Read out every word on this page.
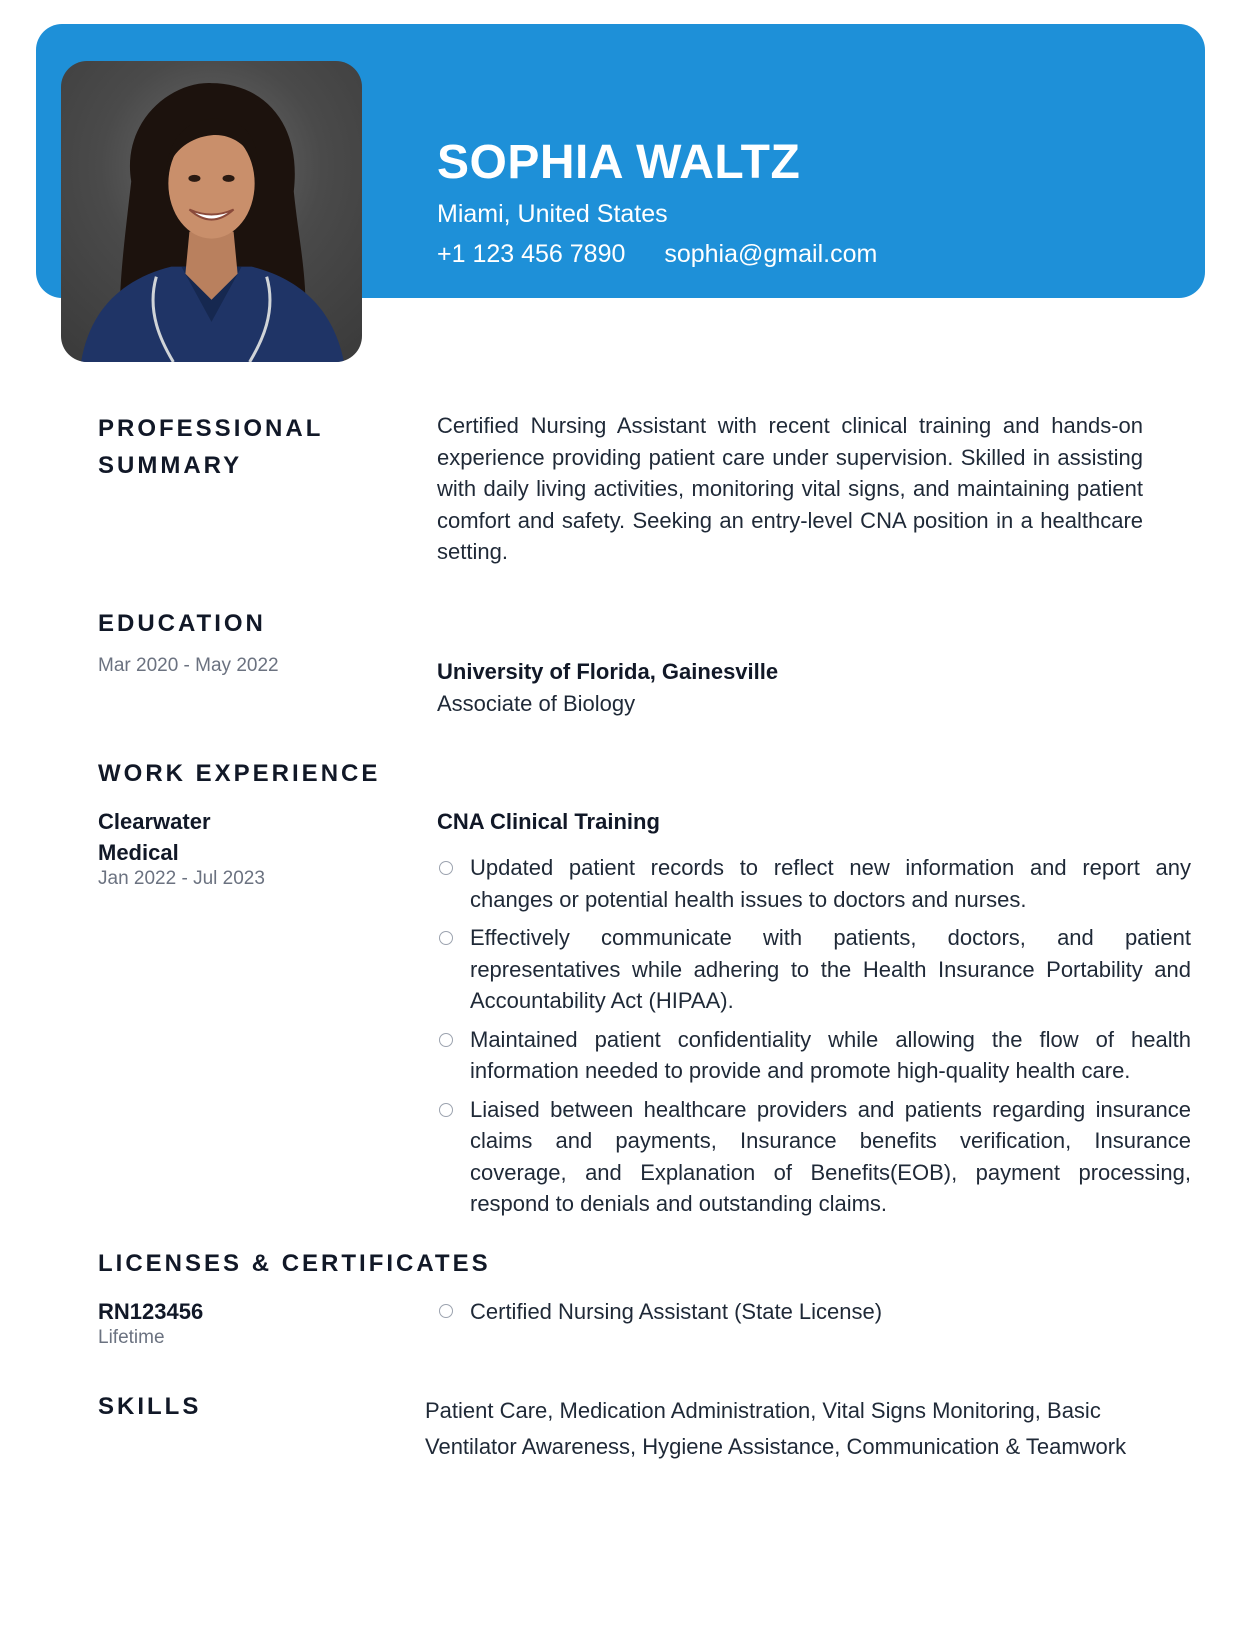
SOPHIA WALTZ
Miami, United States
+1 123 456 7890 sophia@gmail.com
PROFESSIONAL
SUMMARY
Certified Nursing Assistant with recent clinical training and hands-on experience providing patient care under supervision. Skilled in assisting with daily living activities, monitoring vital signs, and maintaining patient comfort and safety. Seeking an entry-level CNA position in a healthcare setting.
EDUCATION
Mar 2020 - May 2022	University of Florida, Gainesville
Associate of Biology
WORK EXPERIENCE
Clearwater
Medical
Jan 2022 - Jul 2023
CNA Clinical Training
Updated patient records to reflect new information and report any changes or potential health issues to doctors and nurses.
Effectively communicate with patients, doctors, and patient representatives while adhering to the Health Insurance Portability and Accountability Act (HIPAA).
Maintained patient confidentiality while allowing the flow of health information needed to provide and promote high-quality health care.
Liaised between healthcare providers and patients regarding insurance claims and payments, Insurance benefits verification, Insurance coverage, and Explanation of Benefits(EOB), payment processing, respond to denials and outstanding claims.
LICENSES & CERTIFICATES
RN123456
Lifetime
Certified Nursing Assistant (State License)
SKILLS	Patient Care, Medication Administration, Vital Signs Monitoring, Basic Ventilator Awareness, Hygiene Assistance, Communication & Teamwork
